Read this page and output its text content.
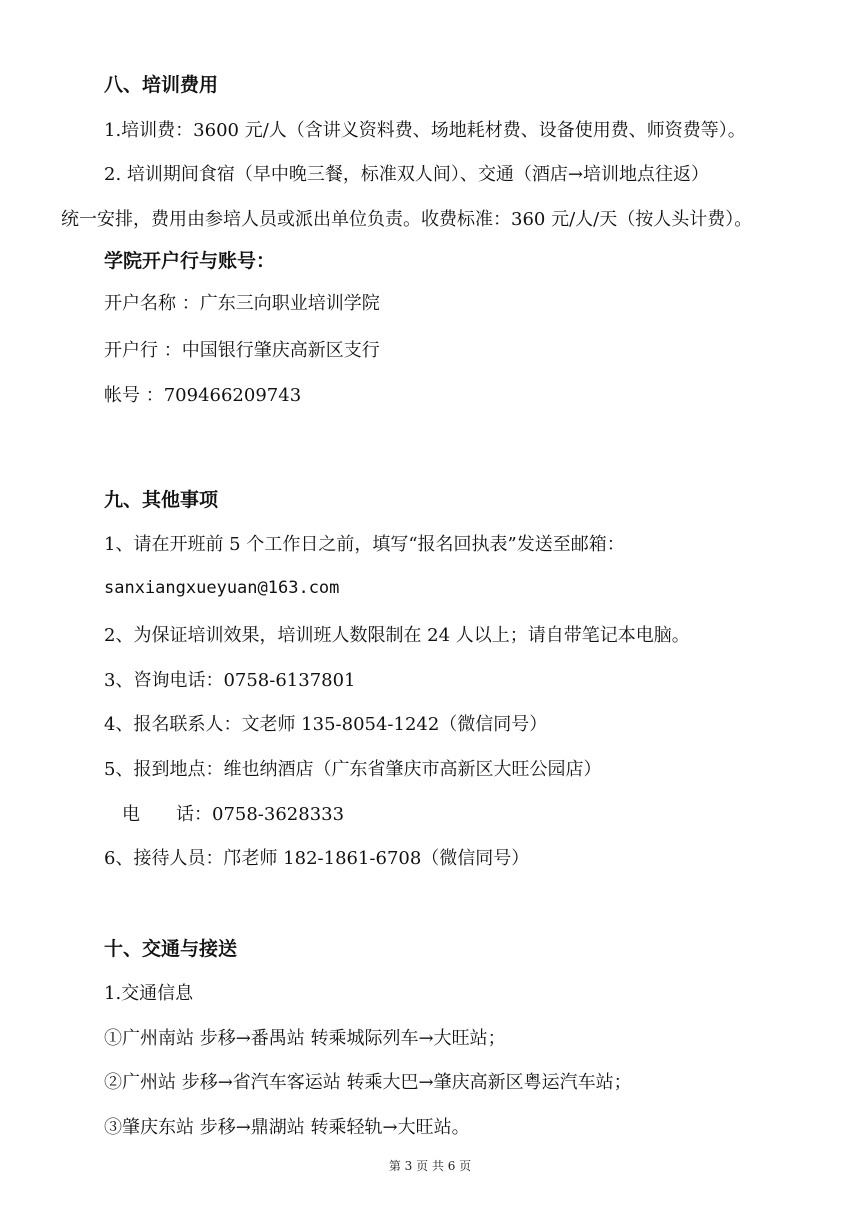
八、培训费用
1.培训费：3600 元/人（含讲义资料费、场地耗材费、设备使用费、师资费等）。
2. 培训期间食宿（早中晚三餐，标准双人间）、交通（酒店→培训地点往返）
统一安排，费用由参培人员或派出单位负责。收费标准：360 元/人/天（按人头计费）。
学院开户行与账号：
开户名称 ：广东三向职业培训学院
开户行 ：中国银行肇庆高新区支行
帐号 ：709466209743
九、其他事项
1、请在开班前 5 个工作日之前，填写“报名回执表”发送至邮箱：
sanxiangxueyuan@163.com
2、为保证培训效果，培训班人数限制在 24 人以上；请自带笔记本电脑。
3、咨询电话：0758-6137801
4、报名联系人：文老师 135-8054-1242（微信同号）
5、报到地点：维也纳酒店（广东省肇庆市高新区大旺公园店）
电　　话：0758-3628333
6、接待人员：邝老师 182-1861-6708（微信同号）
十、交通与接送
1.交通信息
①广州南站 步移→番禺站 转乘城际列车→大旺站；
②广州站 步移→省汽车客运站 转乘大巴→肇庆高新区粤运汽车站；
③肇庆东站 步移→鼎湖站 转乘轻轨→大旺站。
第 3 页 共 6 页
